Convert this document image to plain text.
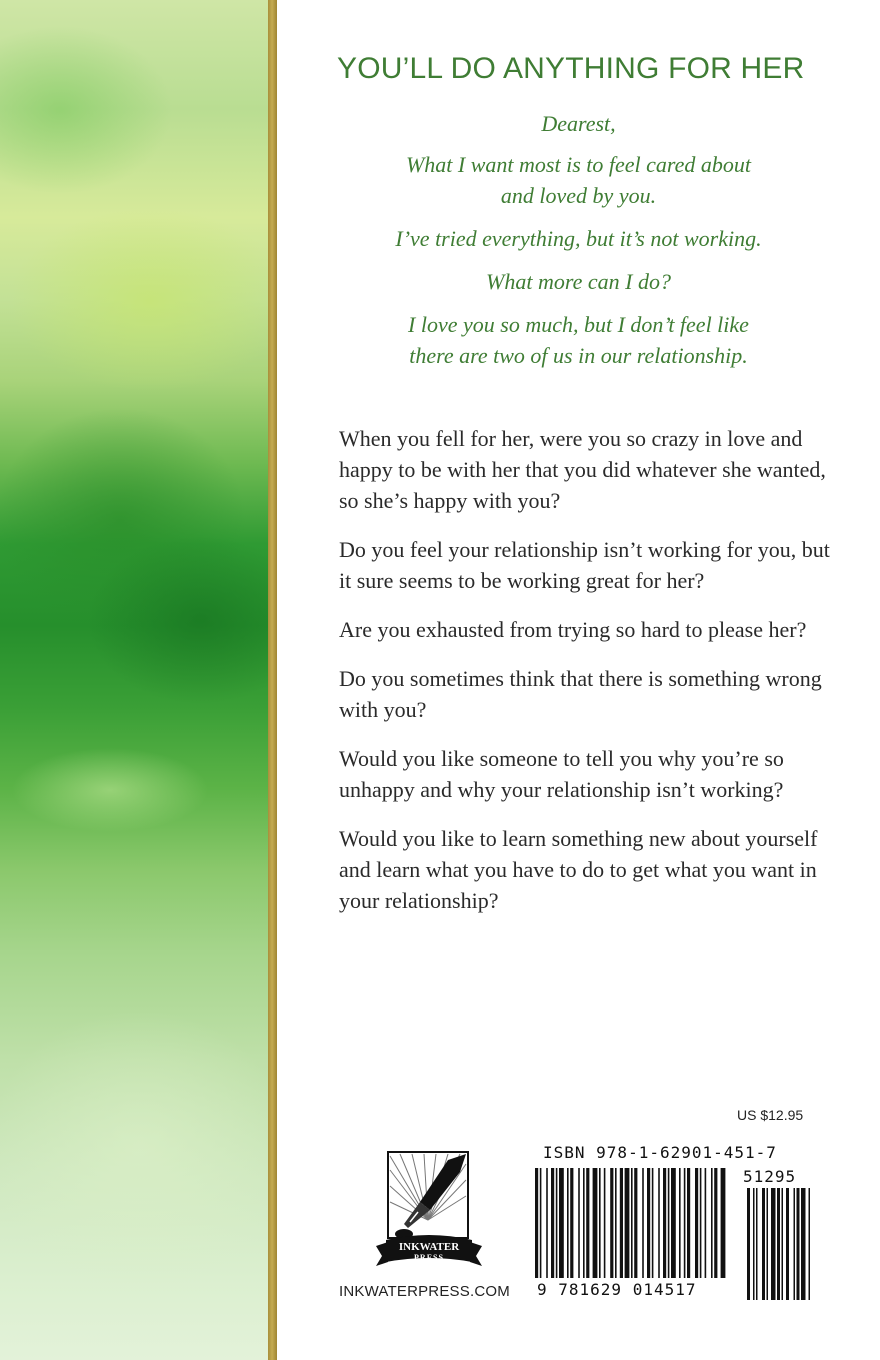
YOU’LL DO ANYTHING FOR HER

Dearest,

What I want most is to feel cared about
and loved by you.

I’ve tried everything, but it’s not working.

What more can I do?

I love you so much, but I don’t feel like
there are two of us in our relationship.

When you fell for her, were you so crazy in love and happy to be with her that you did whatever she wanted, so she’s happy with you?

Do you feel your relationship isn’t working for you, but it sure seems to be working great for her?

Are you exhausted from trying so hard to please her?

Do you sometimes think that there is something wrong with you?

Would you like someone to tell you why you’re so unhappy and why your relationship isn’t working?

Would you like to learn something new about yourself and learn what you have to do to get what you want in your relationship?

US $12.95
INKWATER
PRESS
INKWATERPRESS.COM
ISBN 978-1-62901-451-7
51295
9 781629 014517
